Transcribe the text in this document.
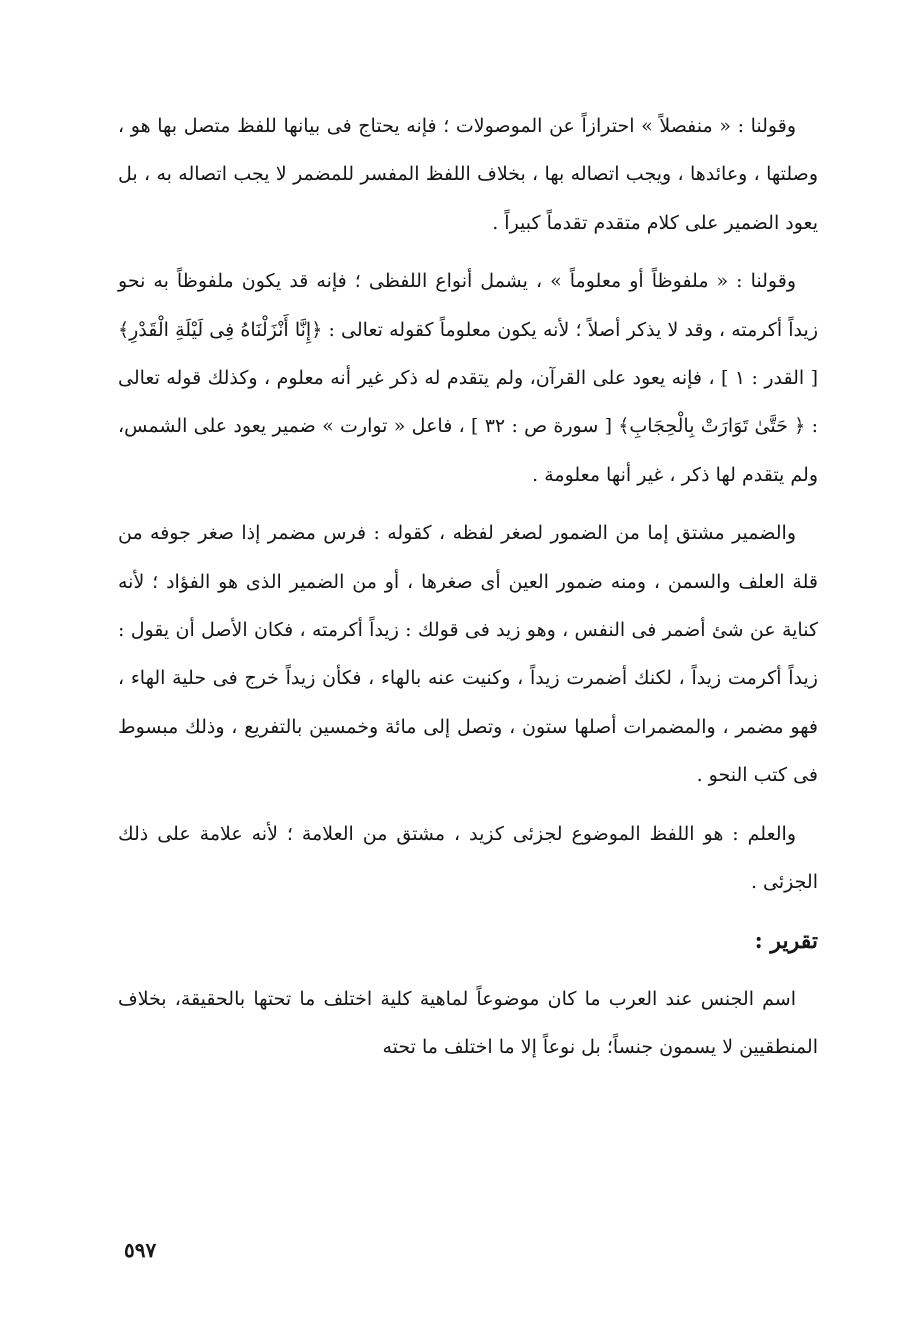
وقولنا : « منفصلاً » احترازاً عن الموصولات ؛ فإنه يحتاج فى بيانها للفظ متصل بها هو ، وصلتها ، وعائدها ، ويجب اتصاله بها ، بخلاف اللفظ المفسر للمضمر لا يجب اتصاله به ، بل يعود الضمير على كلام متقدم تقدماً كبيراً .

وقولنا : « ملفوظاً أو معلوماً » ، يشمل أنواع اللفظى ؛ فإنه قد يكون ملفوظاً به نحو زيداً أكرمته ، وقد لا يذكر أصلاً ؛ لأنه يكون معلوماً كقوله تعالى : ﴿إِنَّا أَنْزَلْنَاهُ فِى لَيْلَةِ الْقَدْرِ﴾ [ القدر : ١ ] ، فإنه يعود على القرآن، ولم يتقدم له ذكر غير أنه معلوم ، وكذلك قوله تعالى : ﴿ حَتَّىٰ تَوَارَتْ بِالْحِجَابِ﴾ [ سورة ص : ٣٢ ] ، فاعل « توارت » ضمير يعود على الشمس، ولم يتقدم لها ذكر ، غير أنها معلومة .

والضمير مشتق إما من الضمور لصغر لفظه ، كقوله : فرس مضمر إذا صغر جوفه من قلة العلف والسمن ، ومنه ضمور العين أى صغرها ، أو من الضمير الذى هو الفؤاد ؛ لأنه كناية عن شئ أضمر فى النفس ، وهو زيد فى قولك : زيداً أكرمته ، فكان الأصل أن يقول : زيداً أكرمت زيداً ، لكنك أضمرت زيداً ، وكنيت عنه بالهاء ، فكأن زيداً خرج فى حلية الهاء ، فهو مضمر ، والمضمرات أصلها ستون ، وتصل إلى مائة وخمسين بالتفريع ، وذلك مبسوط فى كتب النحو .

والعلم : هو اللفظ الموضوع لجزئى كزيد ، مشتق من العلامة ؛ لأنه علامة على ذلك الجزئى .

تقرير :

اسم الجنس عند العرب ما كان موضوعاً لماهية كلية اختلف ما تحتها بالحقيقة، بخلاف المنطقيين لا يسمون جنساً؛ بل نوعاً إلا ما اختلف ما تحته

٥٩٧
